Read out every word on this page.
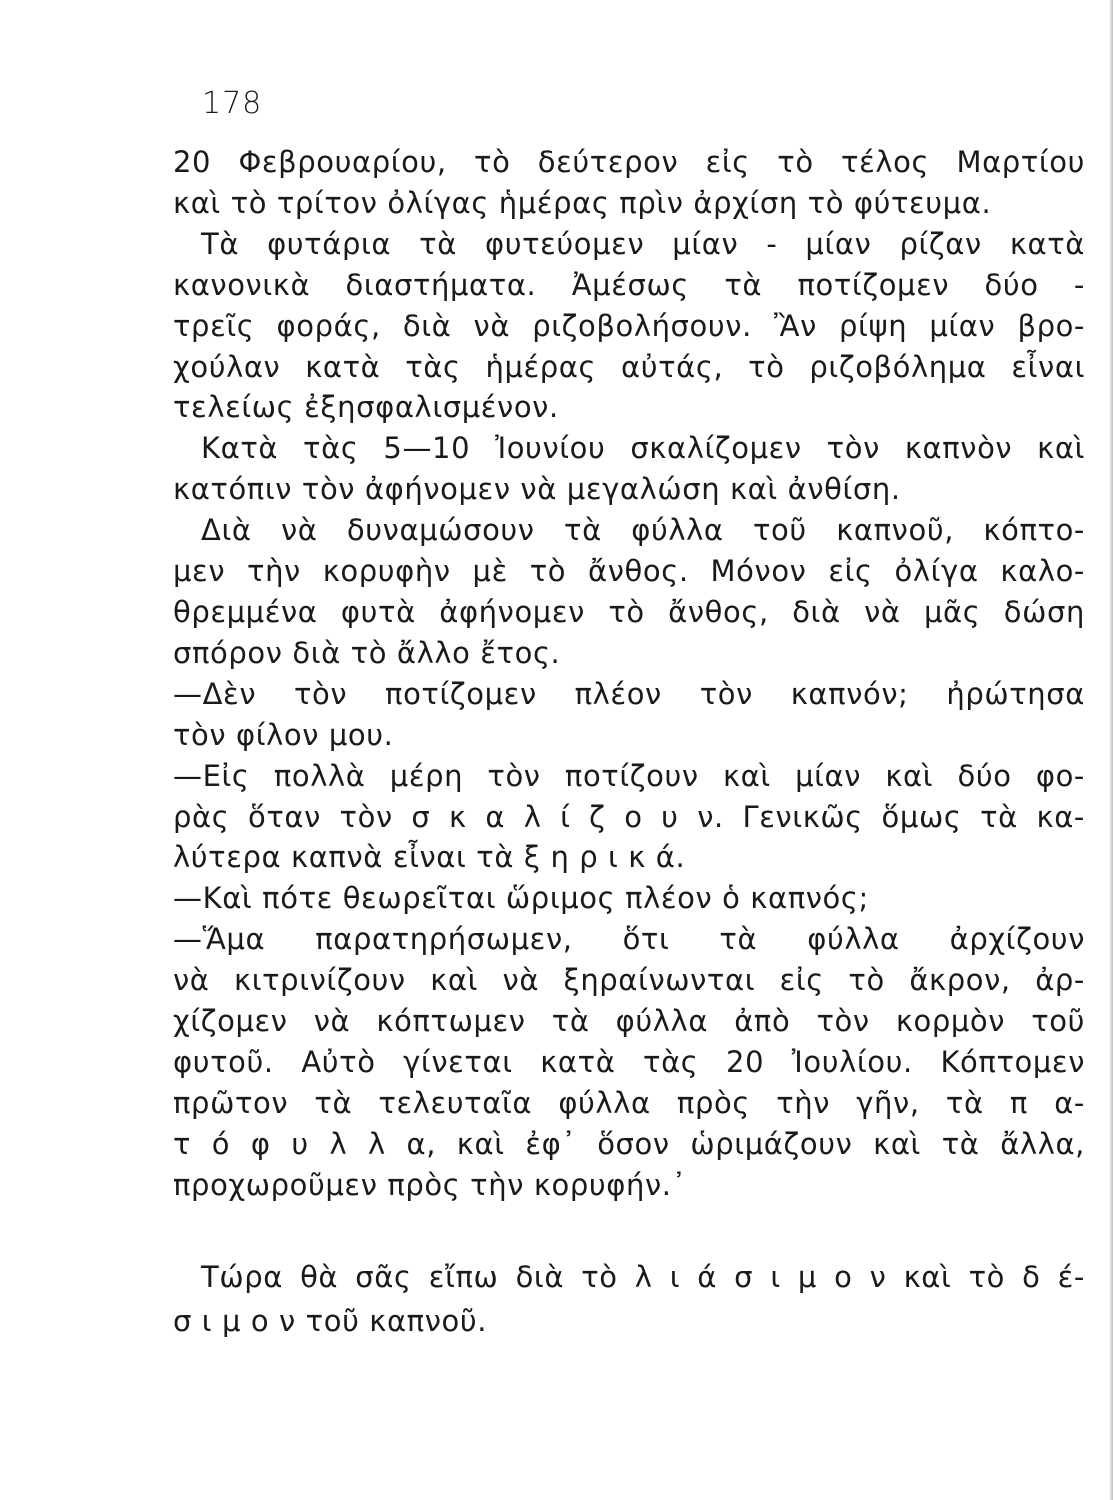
178
20 Φεβρουαρίου, τὸ δεύτερον εἰς τὸ τέλος Μαρτίου
καὶ τὸ τρίτον ὀλίγας ἡμέρας πρὶν ἀρχίση τὸ φύτευμα.
Τὰ φυτάρια τὰ φυτεύομεν μίαν - μίαν ρίζαν κατὰ
κανονικὰ διαστήματα. Ἀμέσως τὰ ποτίζομεν δύο -
τρεῖς φοράς, διὰ νὰ ριζοβολήσουν. Ἂν ρίψη μίαν βρο-
χούλαν κατὰ τὰς ἡμέρας αὐτάς, τὸ ριζοβόλημα εἶναι
τελείως ἐξησφαλισμένον.
Κατὰ τὰς 5—10 Ἰουνίου σκαλίζομεν τὸν καπνὸν καὶ
κατόπιν τὸν ἀφήνομεν νὰ μεγαλώση καὶ ἀνθίση.
Διὰ νὰ δυναμώσουν τὰ φύλλα τοῦ καπνοῦ, κόπτο-
μεν τὴν κορυφὴν μὲ τὸ ἄνθος. Μόνον εἰς ὀλίγα καλο-
θρεμμένα φυτὰ ἀφήνομεν τὸ ἄνθος, διὰ νὰ μᾶς δώση
σπόρον διὰ τὸ ἄλλο ἔτος.
—Δὲν τὸν ποτίζομεν πλέον τὸν καπνόν; ἠρώτησα
τὸν φίλον μου.
—Εἰς πολλὰ μέρη τὸν ποτίζουν καὶ μίαν καὶ δύο φο-
ρὰς ὅταν τὸν σ κ α λ ί ζ ο υ ν. Γενικῶς ὅμως τὰ κα-
λύτερα καπνὰ εἶναι τὰ ξ η ρ ι κ ά.
—Καὶ πότε θεωρεῖται ὥριμος πλέον ὁ καπνός;
—Ἅμα παρατηρήσωμεν, ὅτι τὰ φύλλα ἀρχίζουν
νὰ κιτρινίζουν καὶ νὰ ξηραίνωνται εἰς τὸ ἄκρον, ἀρ-
χίζομεν νὰ κόπτωμεν τὰ φύλλα ἀπὸ τὸν κορμὸν τοῦ
φυτοῦ. Αὐτὸ γίνεται κατὰ τὰς 20 Ἰουλίου. Κόπτομεν
πρῶτον τὰ τελευταῖα φύλλα πρὸς τὴν γῆν, τὰ π α-
τ ό φ υ λ λ α, καὶ ἐφ᾽ ὅσον ὡριμάζουν καὶ τὰ ἄλλα,
προχωροῦμεν πρὸς τὴν κορυφήν.᾽
Τώρα θὰ σᾶς εἴπω διὰ τὸ λ ι ά σ ι μ ο ν καὶ τὸ δ έ-
σ ι μ ο ν τοῦ καπνοῦ.
